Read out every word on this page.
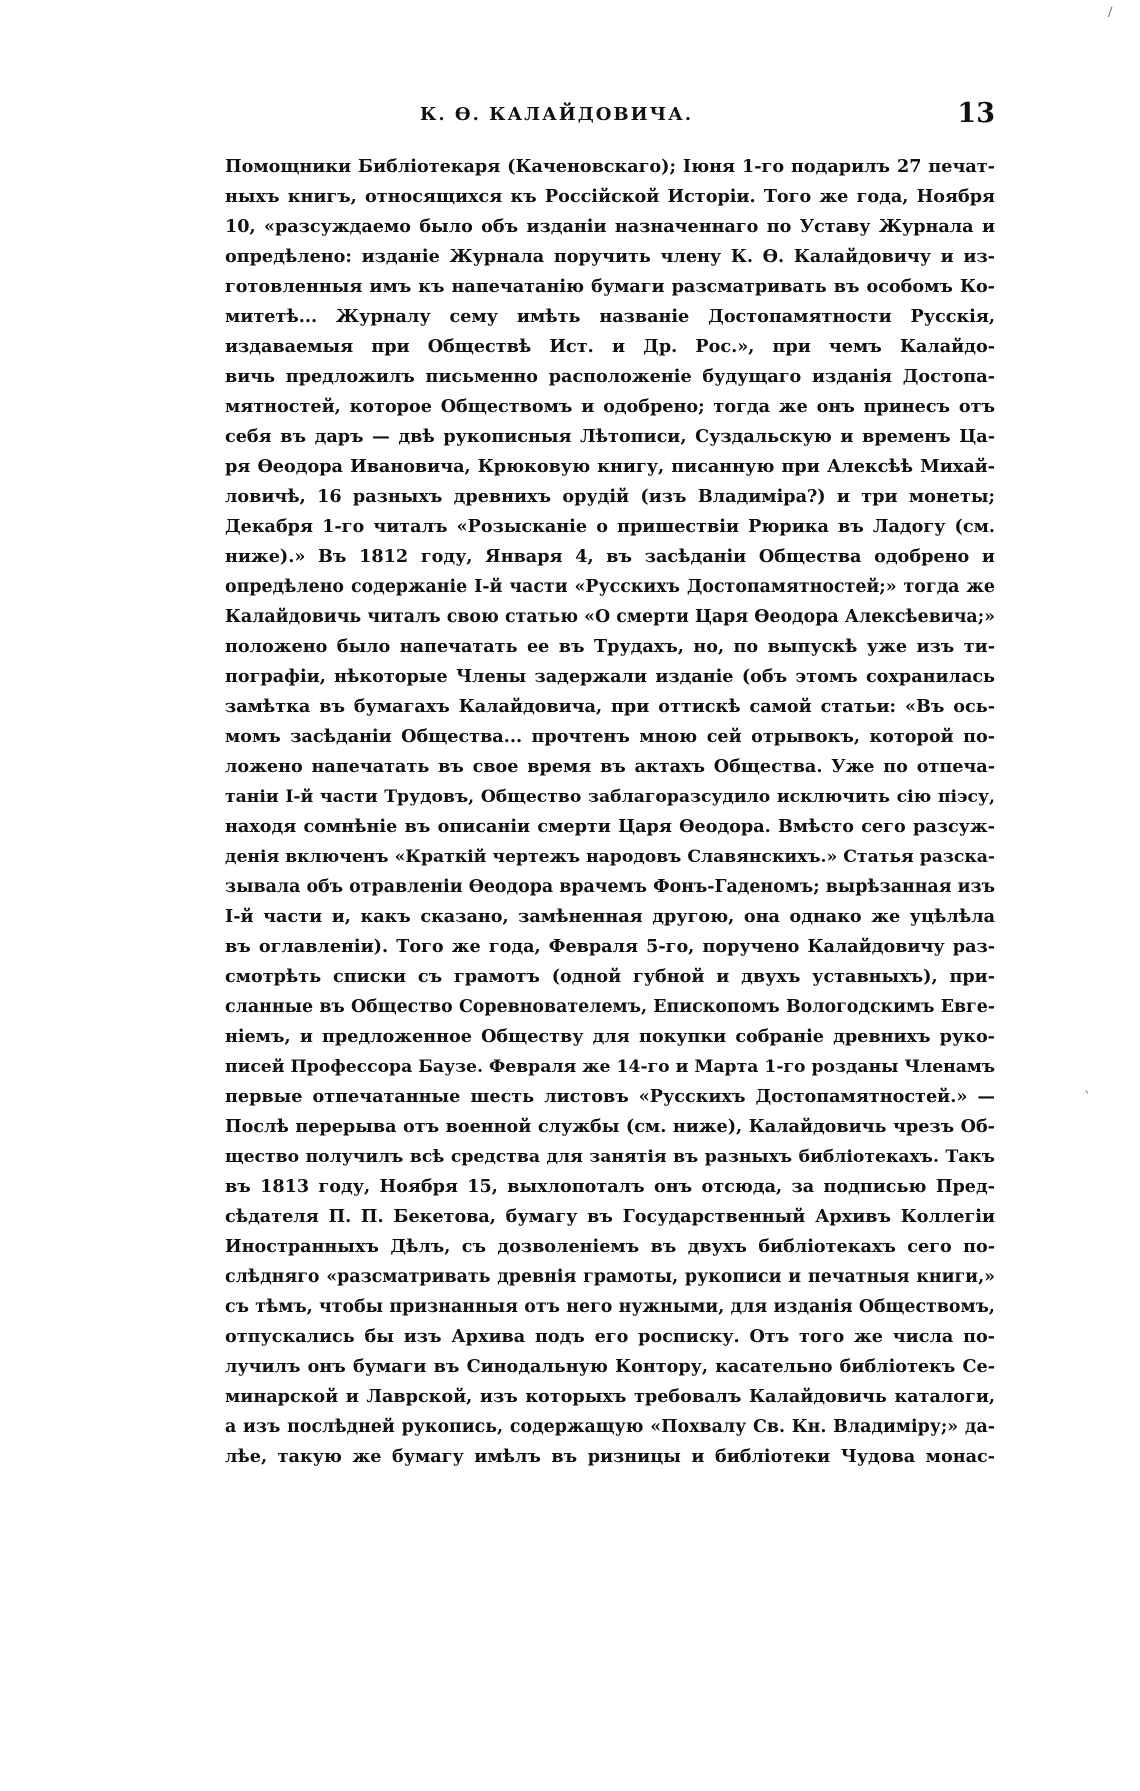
/
'
К. Ѳ. КАЛАЙДОВИЧА.	13
Помощники Библіотекаря (Каченовскаго); Іюня 1-го подарилъ 27 печат-
ныхъ книгъ, относящихся къ Россійской Исторіи. Того же года, Ноября
10, «разсуждаемо было объ изданіи назначеннаго по Уставу Журнала и
опредѣлено: изданіе Журнала поручить члену К. Ѳ. Калайдовичу и из-
готовленныя имъ къ напечатанію бумаги разсматривать въ особомъ Ко-
митетѣ... Журналу сему имѣть названіе Достопамятности Русскія,
издаваемыя при Обществѣ Ист. и Др. Рос.», при чемъ Калайдо-
вичь предложилъ письменно расположеніе будущаго изданія Достопа-
мятностей, которое Обществомъ и одобрено; тогда же онъ принесъ отъ
себя въ даръ — двѣ рукописныя Лѣтописи, Суздальскую и временъ Ца-
ря Ѳеодора Ивановича, Крюковую книгу, писанную при Алексѣѣ Михай-
ловичѣ, 16 разныхъ древнихъ орудій (изъ Владиміра?) и три монеты;
Декабря 1-го читалъ «Розысканіе о пришествіи Рюрика въ Ладогу (см.
ниже).» Въ 1812 году, Января 4, въ засѣданіи Общества одобрено и
опредѣлено содержаніе І-й части «Русскихъ Достопамятностей;» тогда же
Калайдовичь читалъ свою статью «О смерти Царя Ѳеодора Алексѣевича;»
положено было напечатать ее въ Трудахъ, но, по выпускѣ уже изъ ти-
пографіи, нѣкоторые Члены задержали изданіе (объ этомъ сохранилась
замѣтка въ бумагахъ Калайдовича, при оттискѣ самой статьи: «Въ ось-
момъ засѣданіи Общества... прочтенъ мною сей отрывокъ, которой по-
ложено напечатать въ свое время въ актахъ Общества. Уже по отпеча-
таніи І-й части Трудовъ, Общество заблагоразсудило исключить сію піэсу,
находя сомнѣніе въ описаніи смерти Царя Ѳеодора. Вмѣсто сего разсуж-
денія включенъ «Краткій чертежъ народовъ Славянскихъ.» Статья разска-
зывала объ отравленіи Ѳеодора врачемъ Фонъ-Гаденомъ; вырѣзанная изъ
І-й части и, какъ сказано, замѣненная другою, она однако же уцѣлѣла
въ оглавленіи). Того же года, Февраля 5-го, поручено Калайдовичу раз-
смотрѣть списки съ грамотъ (одной губной и двухъ уставныхъ), при-
сланные въ Общество Соревнователемъ, Епископомъ Вологодскимъ Евге-
ніемъ, и предложенное Обществу для покупки собраніе древнихъ руко-
писей Профессора Баузе. Февраля же 14-го и Марта 1-го розданы Членамъ
первые отпечатанные шесть листовъ «Русскихъ Достопамятностей.» —
Послѣ перерыва отъ военной службы (см. ниже), Калайдовичь чрезъ Об-
щество получилъ всѣ средства для занятія въ разныхъ библіотекахъ. Такъ
въ 1813 году, Ноября 15, выхлопоталъ онъ отсюда, за подписью Пред-
сѣдателя П. П. Бекетова, бумагу въ Государственный Архивъ Коллегіи
Иностранныхъ Дѣлъ, съ дозволеніемъ въ двухъ библіотекахъ сего по-
слѣдняго «разсматривать древнія грамоты, рукописи и печатныя книги,»
съ тѣмъ, чтобы признанныя отъ него нужными, для изданія Обществомъ,
отпускались бы изъ Архива подъ его росписку. Отъ того же числа по-
лучилъ онъ бумаги въ Синодальную Контору, касательно библіотекъ Се-
минарской и Лаврской, изъ которыхъ требовалъ Калайдовичь каталоги,
а изъ послѣдней рукопись, содержащую «Похвалу Св. Кн. Владиміру;» да-
лѣе, такую же бумагу имѣлъ въ ризницы и библіотеки Чудова монас-
